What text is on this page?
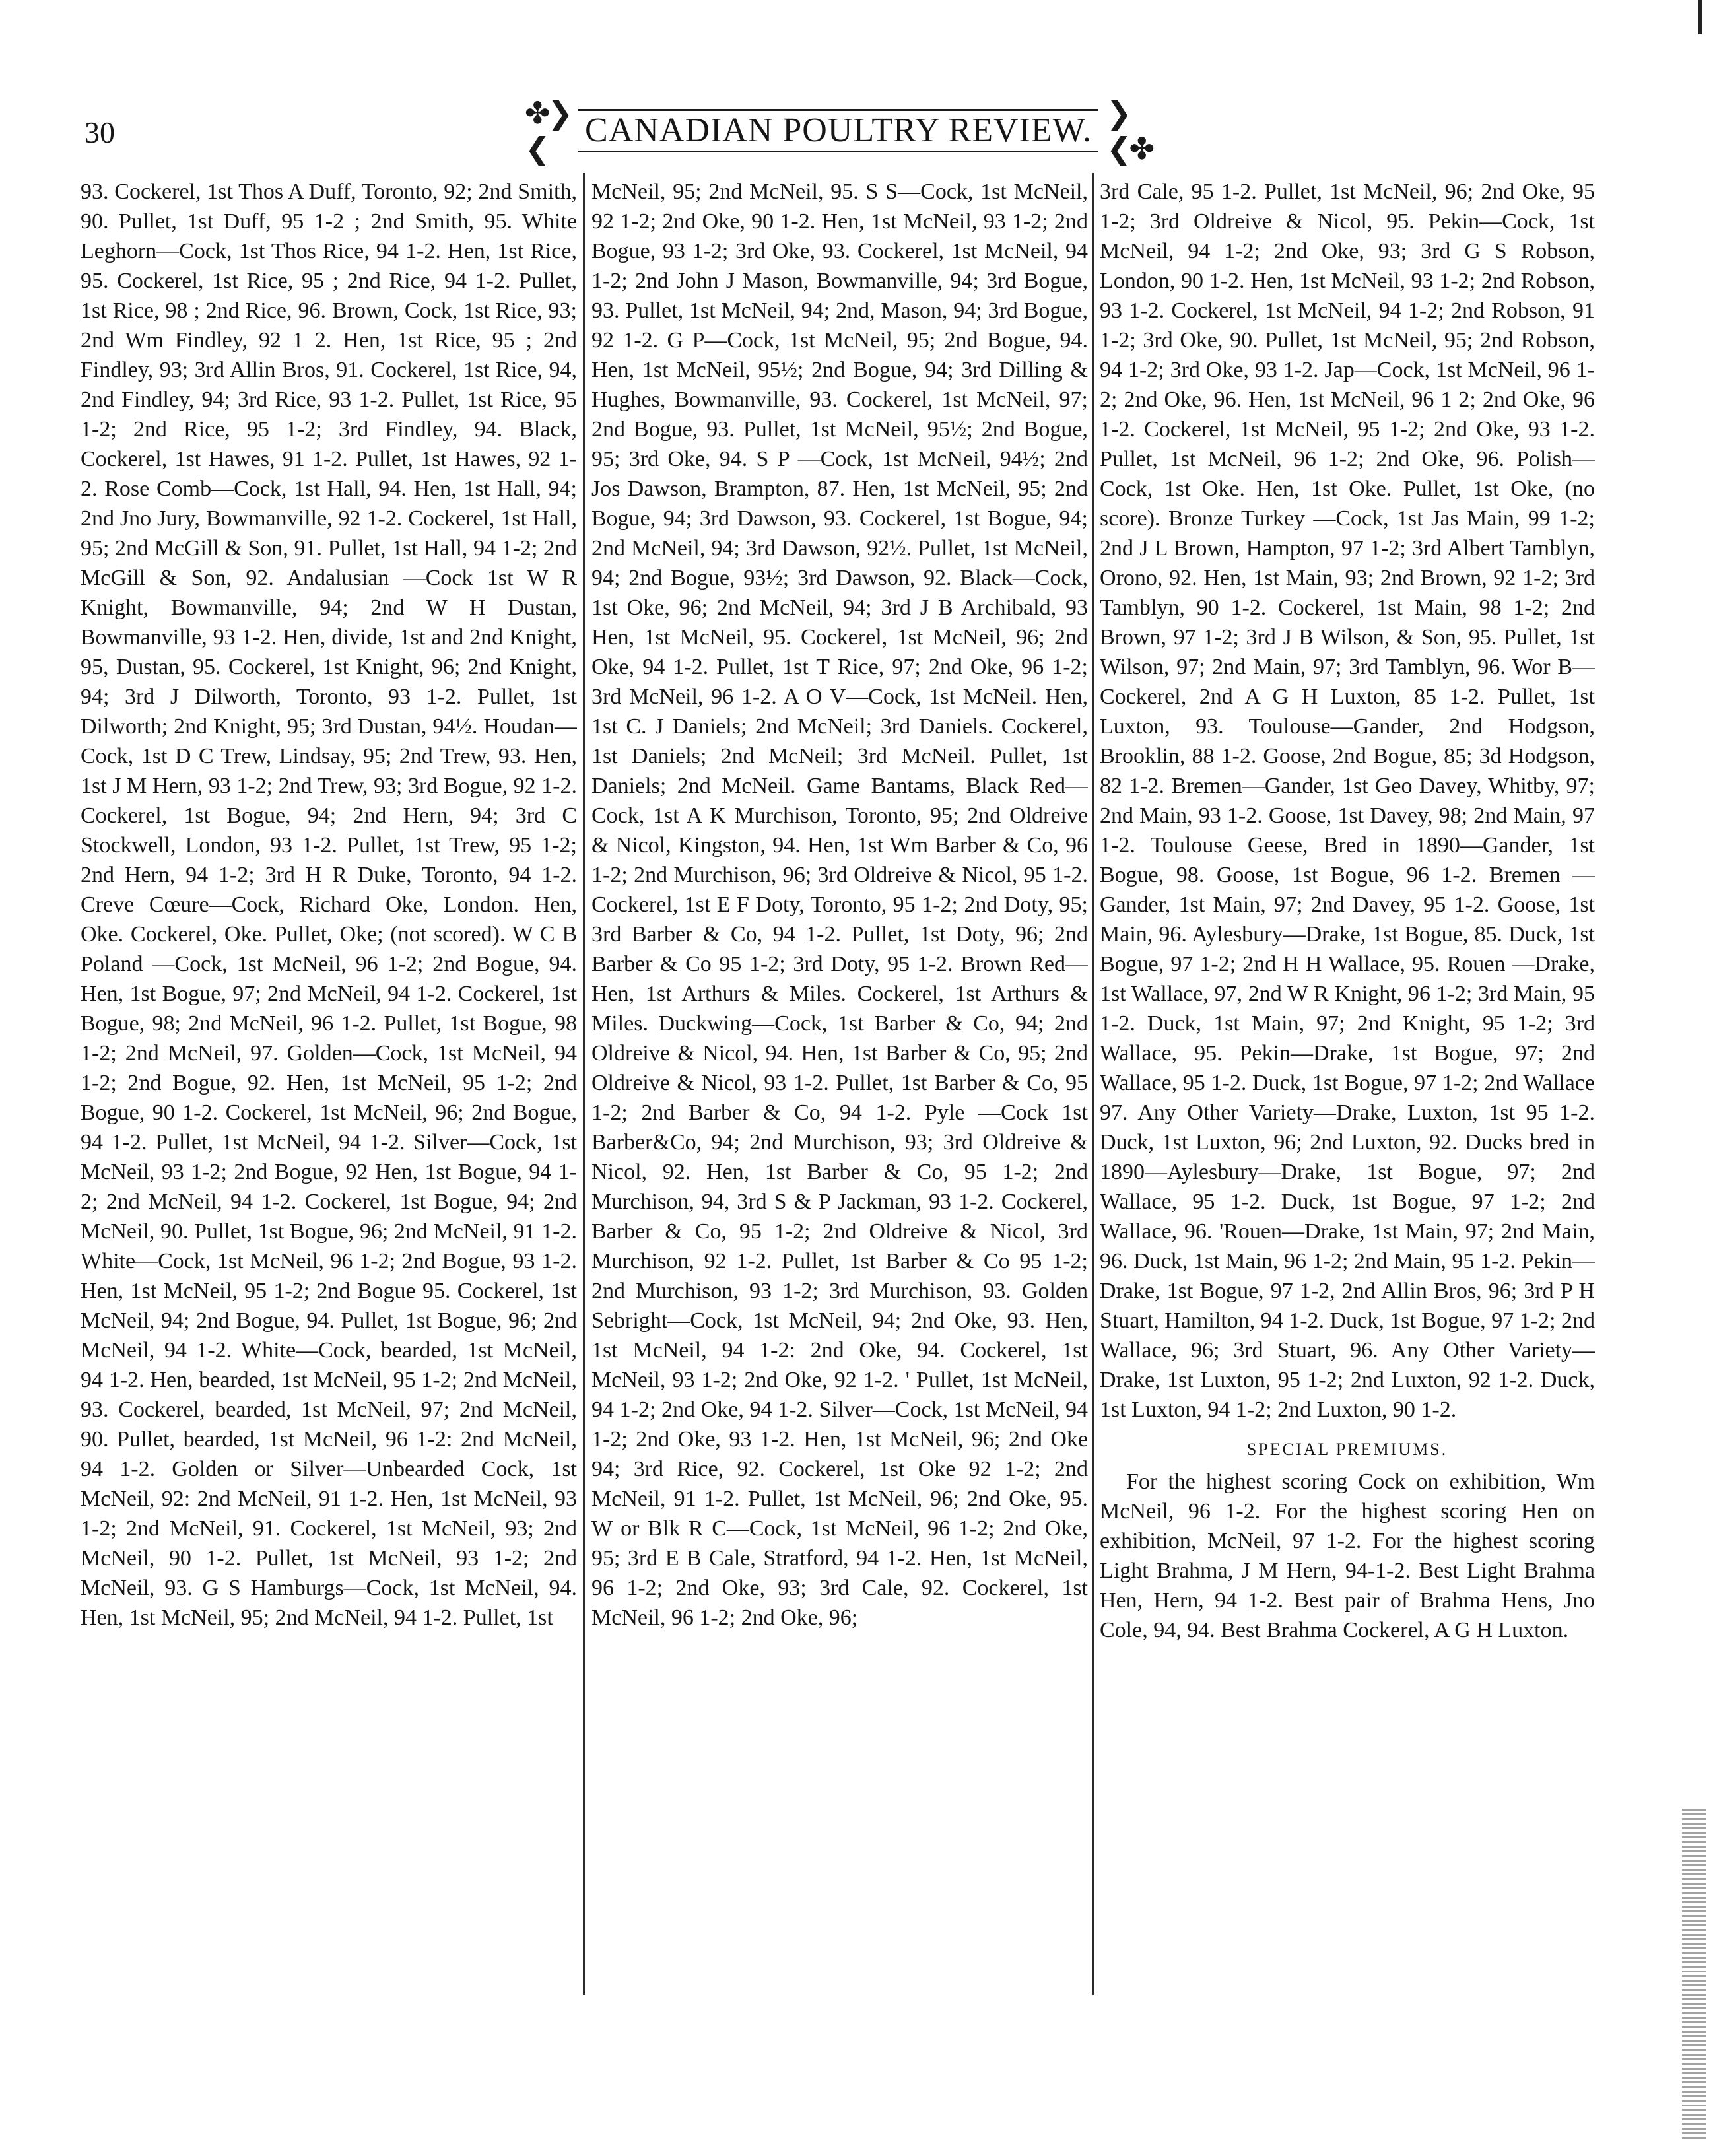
30
✤❯❮	CANADIAN POULTRY REVIEW. ❯❮✤

93. Cockerel, 1st Thos A Duff, Toronto, 92; 2nd Smith, 90. Pullet, 1st Duff, 95 1-2 ; 2nd Smith, 95. White Leghorn—Cock, 1st Thos Rice, 94 1-2. Hen, 1st Rice, 95. Cockerel, 1st Rice, 95 ; 2nd Rice, 94 1-2. Pullet, 1st Rice, 98 ; 2nd Rice, 96. Brown, Cock, 1st Rice, 93; 2nd Wm Findley, 92 1 2. Hen, 1st Rice, 95 ; 2nd Findley, 93; 3rd Allin Bros, 91. Cockerel, 1st Rice, 94, 2nd Findley, 94; 3rd Rice, 93 1-2. Pullet, 1st Rice, 95 1-2; 2nd Rice, 95 1-2; 3rd Findley, 94. Black, Cockerel, 1st Hawes, 91 1-2. Pullet, 1st Hawes, 92 1-2. Rose Comb—Cock, 1st Hall, 94. Hen, 1st Hall, 94; 2nd Jno Jury, Bowmanville, 92 1-2. Cockerel, 1st Hall, 95; 2nd McGill & Son, 91. Pullet, 1st Hall, 94 1-2; 2nd McGill & Son, 92. Andalusian —Cock 1st W R Knight, Bowmanville, 94; 2nd W H Dustan, Bowmanville, 93 1-2. Hen, divide, 1st and 2nd Knight, 95, Dustan, 95. Cockerel, 1st Knight, 96; 2nd Knight, 94; 3rd J Dilworth, Toronto, 93 1-2. Pullet, 1st Dilworth; 2nd Knight, 95; 3rd Dustan, 94½. Houdan—Cock, 1st D C Trew, Lindsay, 95; 2nd Trew, 93. Hen, 1st J M Hern, 93 1-2; 2nd Trew, 93; 3rd Bogue, 92 1-2. Cockerel, 1st Bogue, 94; 2nd Hern, 94; 3rd C Stockwell, London, 93 1-2. Pullet, 1st Trew, 95 1-2; 2nd Hern, 94 1-2; 3rd H R Duke, Toronto, 94 1-2. Creve Cœure—Cock, Richard Oke, London. Hen, Oke. Cockerel, Oke. Pullet, Oke; (not scored). W C B Poland —Cock, 1st McNeil, 96 1-2; 2nd Bogue, 94. Hen, 1st Bogue, 97; 2nd McNeil, 94 1-2. Cockerel, 1st Bogue, 98; 2nd McNeil, 96 1-2. Pullet, 1st Bogue, 98 1-2; 2nd McNeil, 97. Golden—Cock, 1st McNeil, 94 1-2; 2nd Bogue, 92. Hen, 1st McNeil, 95 1-2; 2nd Bogue, 90 1-2. Cockerel, 1st McNeil, 96; 2nd Bogue, 94 1-2. Pullet, 1st McNeil, 94 1-2. Silver—Cock, 1st McNeil, 93 1-2; 2nd Bogue, 92 Hen, 1st Bogue, 94 1-2; 2nd McNeil, 94 1-2. Cockerel, 1st Bogue, 94; 2nd McNeil, 90. Pullet, 1st Bogue, 96; 2nd McNeil, 91 1-2. White—Cock, 1st McNeil, 96 1-2; 2nd Bogue, 93 1-2. Hen, 1st McNeil, 95 1-2; 2nd Bogue 95. Cockerel, 1st McNeil, 94; 2nd Bogue, 94. Pullet, 1st Bogue, 96; 2nd McNeil, 94 1-2. White—Cock, bearded, 1st McNeil, 94 1-2. Hen, bearded, 1st McNeil, 95 1-2; 2nd McNeil, 93. Cockerel, bearded, 1st McNeil, 97; 2nd McNeil, 90. Pullet, bearded, 1st McNeil, 96 1-2: 2nd McNeil, 94 1-2. Golden or Silver—Unbearded Cock, 1st McNeil, 92: 2nd McNeil, 91 1-2. Hen, 1st McNeil, 93 1-2; 2nd McNeil, 91. Cockerel, 1st McNeil, 93; 2nd McNeil, 90 1-2. Pullet, 1st McNeil, 93 1-2; 2nd McNeil, 93. G S Hamburgs—Cock, 1st McNeil, 94. Hen, 1st McNeil, 95; 2nd McNeil, 94 1-2. Pullet, 1st

McNeil, 95; 2nd McNeil, 95. S S—Cock, 1st McNeil, 92 1-2; 2nd Oke, 90 1-2. Hen, 1st McNeil, 93 1-2; 2nd Bogue, 93 1-2; 3rd Oke, 93. Cockerel, 1st McNeil, 94 1-2; 2nd John J Mason, Bowmanville, 94; 3rd Bogue, 93. Pullet, 1st McNeil, 94; 2nd, Mason, 94; 3rd Bogue, 92 1-2. G P—Cock, 1st McNeil, 95; 2nd Bogue, 94. Hen, 1st McNeil, 95½; 2nd Bogue, 94; 3rd Dilling & Hughes, Bowmanville, 93. Cockerel, 1st McNeil, 97; 2nd Bogue, 93. Pullet, 1st McNeil, 95½; 2nd Bogue, 95; 3rd Oke, 94. S P —Cock, 1st McNeil, 94½; 2nd Jos Dawson, Brampton, 87. Hen, 1st McNeil, 95; 2nd Bogue, 94; 3rd Dawson, 93. Cockerel, 1st Bogue, 94; 2nd McNeil, 94; 3rd Dawson, 92½. Pullet, 1st McNeil, 94; 2nd Bogue, 93½; 3rd Dawson, 92. Black—Cock, 1st Oke, 96; 2nd McNeil, 94; 3rd J B Archibald, 93 Hen, 1st McNeil, 95. Cockerel, 1st McNeil, 96; 2nd Oke, 94 1-2. Pullet, 1st T Rice, 97; 2nd Oke, 96 1-2; 3rd McNeil, 96 1-2. A O V—Cock, 1st McNeil. Hen, 1st C. J Daniels; 2nd McNeil; 3rd Daniels. Cockerel, 1st Daniels; 2nd McNeil; 3rd McNeil. Pullet, 1st Daniels; 2nd McNeil. Game Bantams, Black Red—Cock, 1st A K Murchison, Toronto, 95; 2nd Oldreive & Nicol, Kingston, 94. Hen, 1st Wm Barber & Co, 96 1-2; 2nd Murchison, 96; 3rd Oldreive & Nicol, 95 1-2. Cockerel, 1st E F Doty, Toronto, 95 1-2; 2nd Doty, 95; 3rd Barber & Co, 94 1-2. Pullet, 1st Doty, 96; 2nd Barber & Co 95 1-2; 3rd Doty, 95 1-2. Brown Red—Hen, 1st Arthurs & Miles. Cockerel, 1st Arthurs & Miles. Duckwing—Cock, 1st Barber & Co, 94; 2nd Oldreive & Nicol, 94. Hen, 1st Barber & Co, 95; 2nd Oldreive & Nicol, 93 1-2. Pullet, 1st Barber & Co, 95 1-2; 2nd Barber & Co, 94 1-2. Pyle —Cock 1st Barber&Co, 94; 2nd Murchison, 93; 3rd Oldreive & Nicol, 92. Hen, 1st Barber & Co, 95 1-2; 2nd Murchison, 94, 3rd S & P Jackman, 93 1-2. Cockerel, Barber & Co, 95 1-2; 2nd Oldreive & Nicol, 3rd Murchison, 92 1-2. Pullet, 1st Barber & Co 95 1-2; 2nd Murchison, 93 1-2; 3rd Murchison, 93. Golden Sebright—Cock, 1st McNeil, 94; 2nd Oke, 93. Hen, 1st McNeil, 94 1-2: 2nd Oke, 94. Cockerel, 1st McNeil, 93 1-2; 2nd Oke, 92 1-2. ' Pullet, 1st McNeil, 94 1-2; 2nd Oke, 94 1-2. Silver—Cock, 1st McNeil, 94 1-2; 2nd Oke, 93 1-2. Hen, 1st McNeil, 96; 2nd Oke 94; 3rd Rice, 92. Cockerel, 1st Oke 92 1-2; 2nd McNeil, 91 1-2. Pullet, 1st McNeil, 96; 2nd Oke, 95. W or Blk R C—Cock, 1st McNeil, 96 1-2; 2nd Oke, 95; 3rd E B Cale, Stratford, 94 1-2. Hen, 1st McNeil, 96 1-2; 2nd Oke, 93; 3rd Cale, 92. Cockerel, 1st McNeil, 96 1-2; 2nd Oke, 96;

3rd Cale, 95 1-2. Pullet, 1st McNeil, 96; 2nd Oke, 95 1-2; 3rd Oldreive & Nicol, 95. Pekin—Cock, 1st McNeil, 94 1-2; 2nd Oke, 93; 3rd G S Robson, London, 90 1-2. Hen, 1st McNeil, 93 1-2; 2nd Robson, 93 1-2. Cockerel, 1st McNeil, 94 1-2; 2nd Robson, 91 1-2; 3rd Oke, 90. Pullet, 1st McNeil, 95; 2nd Robson, 94 1-2; 3rd Oke, 93 1-2. Jap—Cock, 1st McNeil, 96 1-2; 2nd Oke, 96. Hen, 1st McNeil, 96 1 2; 2nd Oke, 96 1-2. Cockerel, 1st McNeil, 95 1-2; 2nd Oke, 93 1-2. Pullet, 1st McNeil, 96 1-2; 2nd Oke, 96. Polish—Cock, 1st Oke. Hen, 1st Oke. Pullet, 1st Oke, (no score). Bronze Turkey —Cock, 1st Jas Main, 99 1-2; 2nd J L Brown, Hampton, 97 1-2; 3rd Albert Tamblyn, Orono, 92. Hen, 1st Main, 93; 2nd Brown, 92 1-2; 3rd Tamblyn, 90 1-2. Cockerel, 1st Main, 98 1-2; 2nd Brown, 97 1-2; 3rd J B Wilson, & Son, 95. Pullet, 1st Wilson, 97; 2nd Main, 97; 3rd Tamblyn, 96. Wor B—Cockerel, 2nd A G H Luxton, 85 1-2. Pullet, 1st Luxton, 93. Toulouse—Gander, 2nd Hodgson, Brooklin, 88 1-2. Goose, 2nd Bogue, 85; 3d Hodgson, 82 1-2. Bremen—Gander, 1st Geo Davey, Whitby, 97; 2nd Main, 93 1-2. Goose, 1st Davey, 98; 2nd Main, 97 1-2. Toulouse Geese, Bred in 1890—Gander, 1st Bogue, 98. Goose, 1st Bogue, 96 1-2. Bremen — Gander, 1st Main, 97; 2nd Davey, 95 1-2. Goose, 1st Main, 96. Aylesbury—Drake, 1st Bogue, 85. Duck, 1st Bogue, 97 1-2; 2nd H H Wallace, 95. Rouen —Drake, 1st Wallace, 97, 2nd W R Knight, 96 1-2; 3rd Main, 95 1-2. Duck, 1st Main, 97; 2nd Knight, 95 1-2; 3rd Wallace, 95. Pekin—Drake, 1st Bogue, 97; 2nd Wallace, 95 1-2. Duck, 1st Bogue, 97 1-2; 2nd Wallace 97. Any Other Variety—Drake, Luxton, 1st 95 1-2. Duck, 1st Luxton, 96; 2nd Luxton, 92. Ducks bred in 1890—Aylesbury—Drake, 1st Bogue, 97; 2nd Wallace, 95 1-2. Duck, 1st Bogue, 97 1-2; 2nd Wallace, 96. 'Rouen—Drake, 1st Main, 97; 2nd Main, 96. Duck, 1st Main, 96 1-2; 2nd Main, 95 1-2. Pekin—Drake, 1st Bogue, 97 1-2, 2nd Allin Bros, 96; 3rd P H Stuart, Hamilton, 94 1-2. Duck, 1st Bogue, 97 1-2; 2nd Wallace, 96; 3rd Stuart, 96. Any Other Variety—Drake, 1st Luxton, 95 1-2; 2nd Luxton, 92 1-2. Duck, 1st Luxton, 94 1-2; 2nd Luxton, 90 1-2.

SPECIAL PREMIUMS.

For the highest scoring Cock on exhibition, Wm McNeil, 96 1-2. For the highest scoring Hen on exhibition, McNeil, 97 1-2. For the highest scoring Light Brahma, J M Hern, 94-1-2. Best Light Brahma Hen, Hern, 94 1-2. Best pair of Brahma Hens, Jno Cole, 94, 94. Best Brahma Cockerel, A G H Luxton.
